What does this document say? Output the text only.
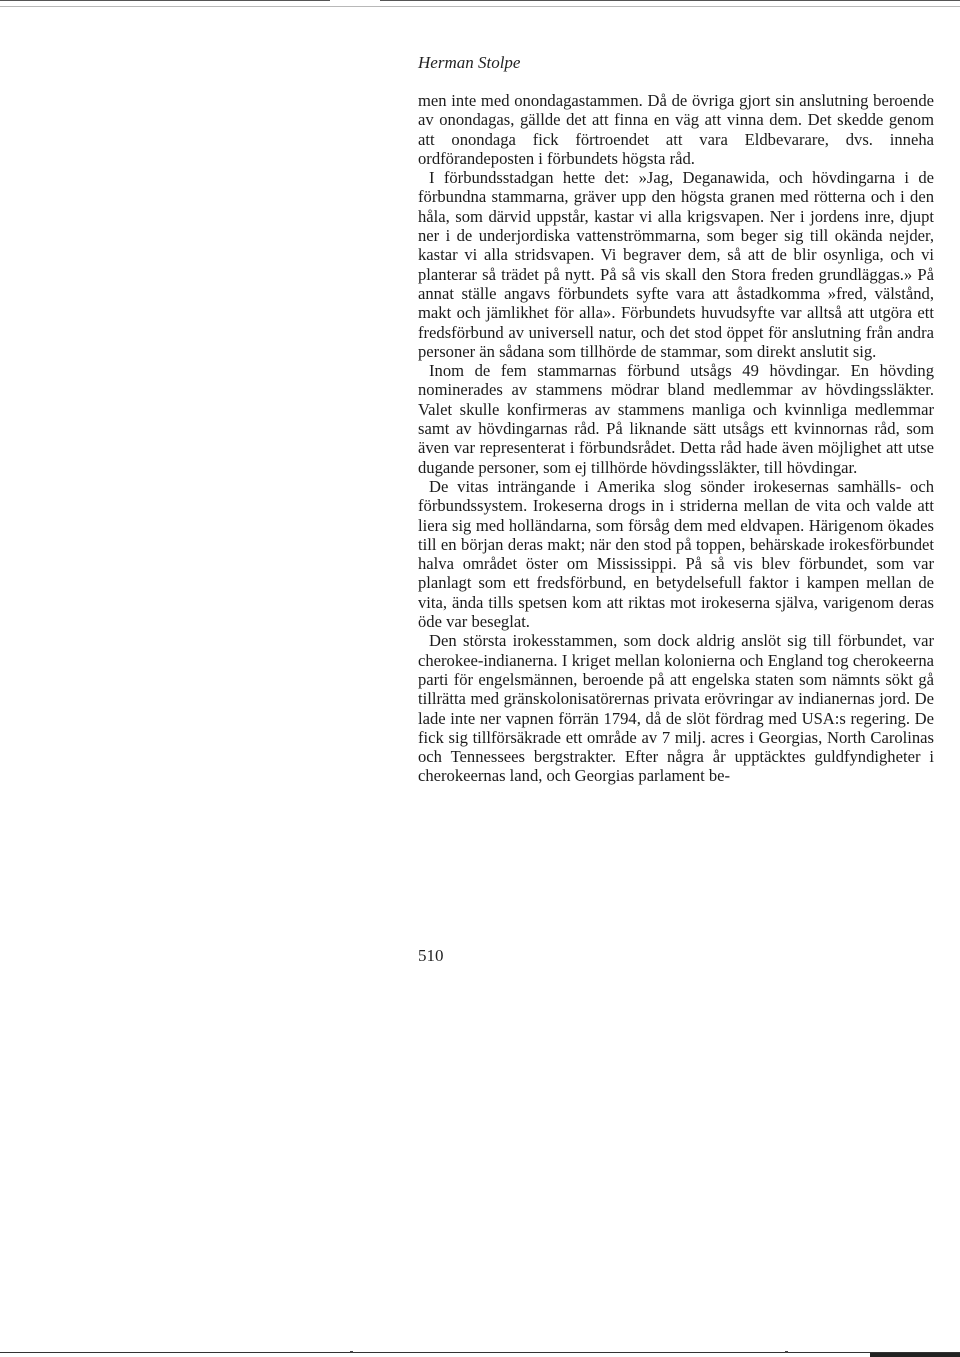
Herman Stolpe

men inte med onondagastammen. Då de övriga gjort sin anslutning beroende av onondagas, gällde det att finna en väg att vinna dem. Det skedde genom att onondaga fick förtroendet att vara Eldbevarare, dvs. inneha ordförandeposten i förbundets högsta råd.

I förbundsstadgan hette det: »Jag, Deganawida, och hövdingarna i de förbundna stammarna, gräver upp den högsta granen med rötterna och i den håla, som därvid uppstår, kastar vi alla krigsvapen. Ner i jordens inre, djupt ner i de underjordiska vattenströmmarna, som beger sig till okända nejder, kastar vi alla stridsvapen. Vi begraver dem, så att de blir osynliga, och vi planterar så trädet på nytt. På så vis skall den Stora freden grundläggas.» På annat ställe angavs förbundets syfte vara att åstadkomma »fred, välstånd, makt och jämlikhet för alla». Förbundets huvudsyfte var alltså att utgöra ett fredsförbund av universell natur, och det stod öppet för anslutning från andra personer än sådana som tillhörde de stammar, som direkt anslutit sig.

Inom de fem stammarnas förbund utsågs 49 hövdingar. En hövding nominerades av stammens mödrar bland medlemmar av hövdingssläkter. Valet skulle konfirmeras av stammens manliga och kvinnliga medlemmar samt av hövdingarnas råd. På liknande sätt utsågs ett kvinnornas råd, som även var representerat i förbundsrådet. Detta råd hade även möjlighet att utse dugande personer, som ej tillhörde hövdingssläkter, till hövdingar.

De vitas inträngande i Amerika slog sönder irokesernas samhälls- och förbundssystem. Irokeserna drogs in i striderna mellan de vita och valde att liera sig med holländarna, som försåg dem med eldvapen. Härigenom ökades till en början deras makt; när den stod på toppen, behärskade irokesförbundet halva området öster om Mississippi. På så vis blev förbundet, som var planlagt som ett fredsförbund, en betydelsefull faktor i kampen mellan de vita, ända tills spetsen kom att riktas mot irokeserna själva, varigenom deras öde var beseglat.

Den största irokesstammen, som dock aldrig anslöt sig till förbundet, var cherokee-indianerna. I kriget mellan kolonierna och England tog cherokeerna parti för engelsmännen, beroende på att engelska staten som nämnts sökt gå tillrätta med gränskolonisatörernas privata erövringar av indianernas jord. De lade inte ner vapnen förrän 1794, då de slöt fördrag med USA:s regering. De fick sig tillförsäkrade ett område av 7 milj. acres i Georgias, North Carolinas och Tennessees bergstrakter. Efter några år upptäcktes guldfyndigheter i cherokeernas land, och Georgias parlament be-

510
